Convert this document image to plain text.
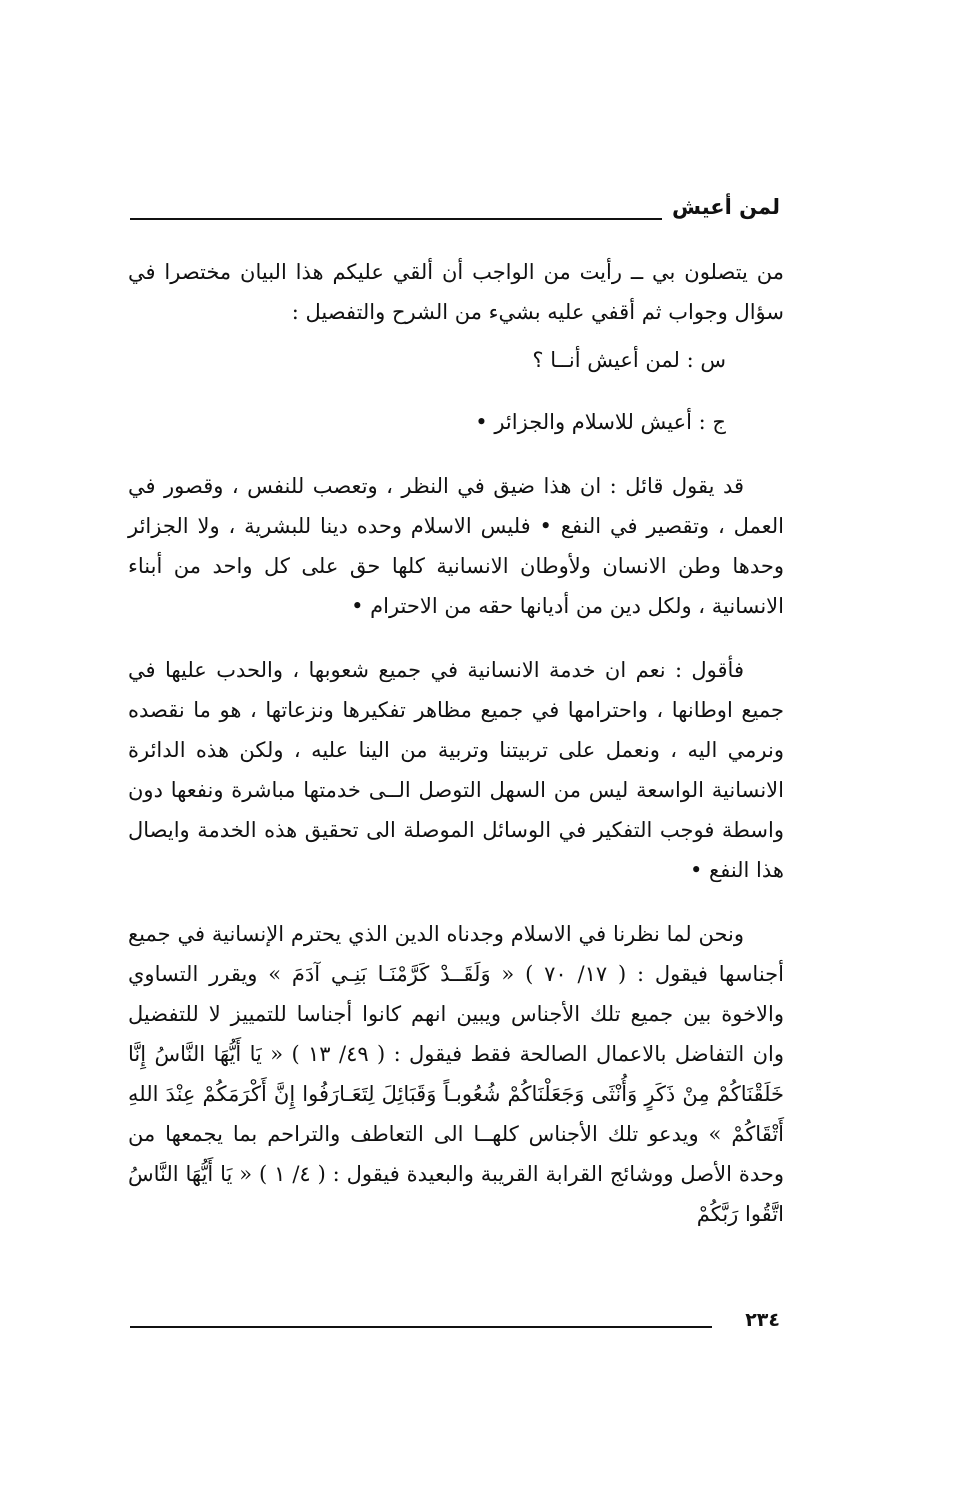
لمن أعيش

من يتصلون بي ــ رأيت من الواجب أن ألقي عليكم هذا البيان مختصرا في سؤال وجواب ثم أقفي عليه بشيء من الشرح والتفصيل :

س : لمن أعيش أنــا ؟

ج : أعيش للاسلام والجزائر •

قد يقول قائل : ان هذا ضيق في النظر ، وتعصب للنفس ، وقصور في العمل ، وتقصير في النفع • فليس الاسلام وحده دينا للبشرية ، ولا الجزائر وحدها وطن الانسان ولأوطان الانسانية كلها حق على كل واحد من أبناء الانسانية ، ولكل دين من أديانها حقه من الاحترام •

فأقول : نعم ان خدمة الانسانية في جميع شعوبها ، والحدب عليها في جميع اوطانها ، واحترامها في جميع مظاهر تفكيرها ونزعاتها ، هو ما نقصده ونرمي اليه ، ونعمل على تربيتنا وتربية من الينا عليه ، ولكن هذه الدائرة الانسانية الواسعة ليس من السهل التوصل الــى خدمتها مباشرة ونفعها دون واسطة فوجب التفكير في الوسائل الموصلة الى تحقيق هذه الخدمة وايصال هذا النفع •

ونحن لما نظرنا في الاسلام وجدناه الدين الذي يحترم الإنسانية في جميع أجناسها فيقول : ( ١٧/ ٧٠ ) « وَلَقَــدْ كَرَّمْنَـا بَنِـي آدَمَ » ويقرر التساوي والاخوة بين جميع تلك الأجناس ويبين انهم كانوا أجناسا للتمييز لا للتفضيل وان التفاضل بالاعمال الصالحة فقط فيقول : ( ٤٩/ ١٣ ) « يَا أَيُّهَا النَّاسُ إِنَّا خَلَقْنَاكُمْ مِنْ ذَكَرٍ وَأُنْثَى وَجَعَلْنَاكُمْ شُعُوبـاً وَقَبَائِلَ لِتَعَـارَفُوا إِنَّ أَكْرَمَكُمْ عِنْدَ اللهِ أَتْقَاكُمْ » ويدعو تلك الأجناس كلهــا الى التعاطف والتراحم بما يجمعها من وحدة الأصل ووشائج القرابة القريبة والبعيدة فيقول : ( ٤/ ١ ) « يَا أَيُّهَا النَّاسُ اتَّقُوا رَبَّكُمْ

٢٣٤
